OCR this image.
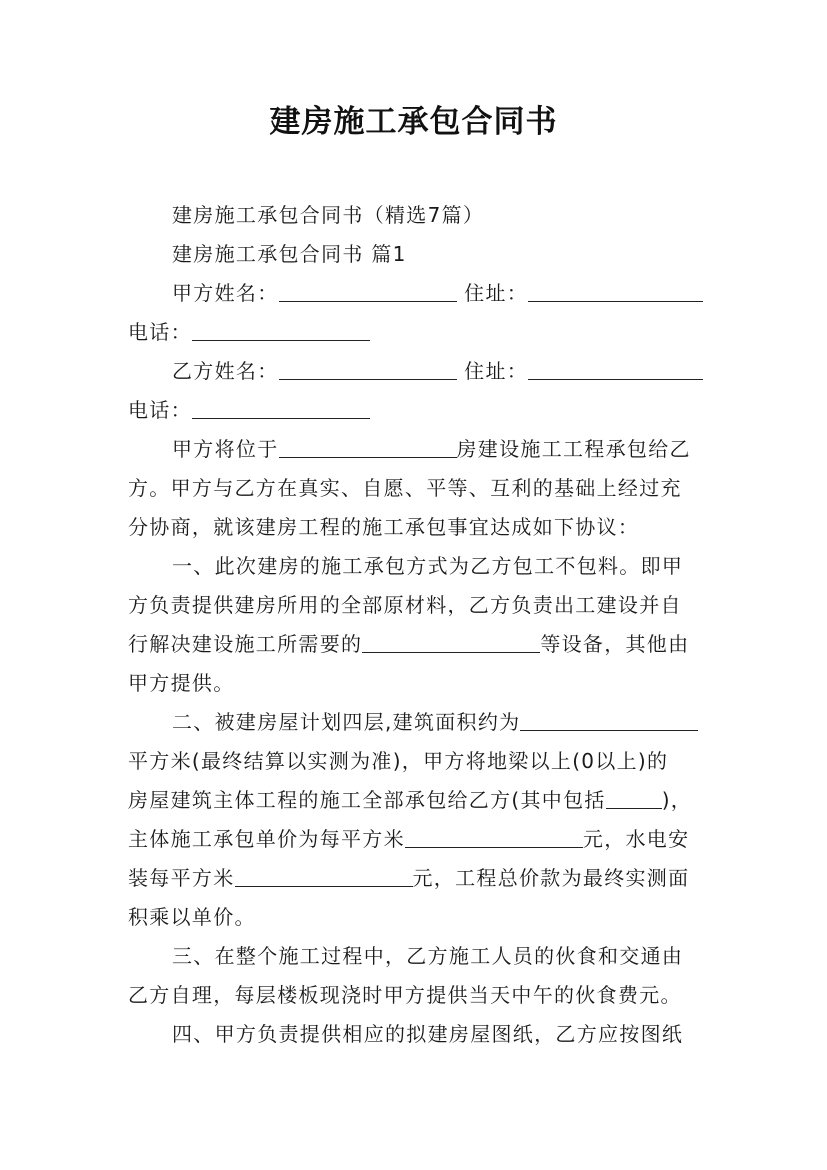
建房施工承包合同书
建房施工承包合同书（精选7篇）
建房施工承包合同书 篇1
甲方姓名：	住址：
电话：
乙方姓名：	住址：
电话：
甲方将位于	房建设施工工程承包给乙
方。甲方与乙方在真实、自愿、平等、互利的基础上经过充
分协商，就该建房工程的施工承包事宜达成如下协议：
一、此次建房的施工承包方式为乙方包工不包料。即甲
方负责提供建房所用的全部原材料，乙方负责出工建设并自
行解决建设施工所需要的	等设备，其他由
甲方提供。
二、被建房屋计划四层,建筑面积约为
平方米(最终结算以实测为准)，甲方将地梁以上(0以上)的
房屋建筑主体工程的施工全部承包给乙方(其中包括	)，
主体施工承包单价为每平方米	元，水电安
装每平方米	元，工程总价款为最终实测面
积乘以单价。
三、在整个施工过程中，乙方施工人员的伙食和交通由
乙方自理，每层楼板现浇时甲方提供当天中午的伙食费元。
四、甲方负责提供相应的拟建房屋图纸，乙方应按图纸
